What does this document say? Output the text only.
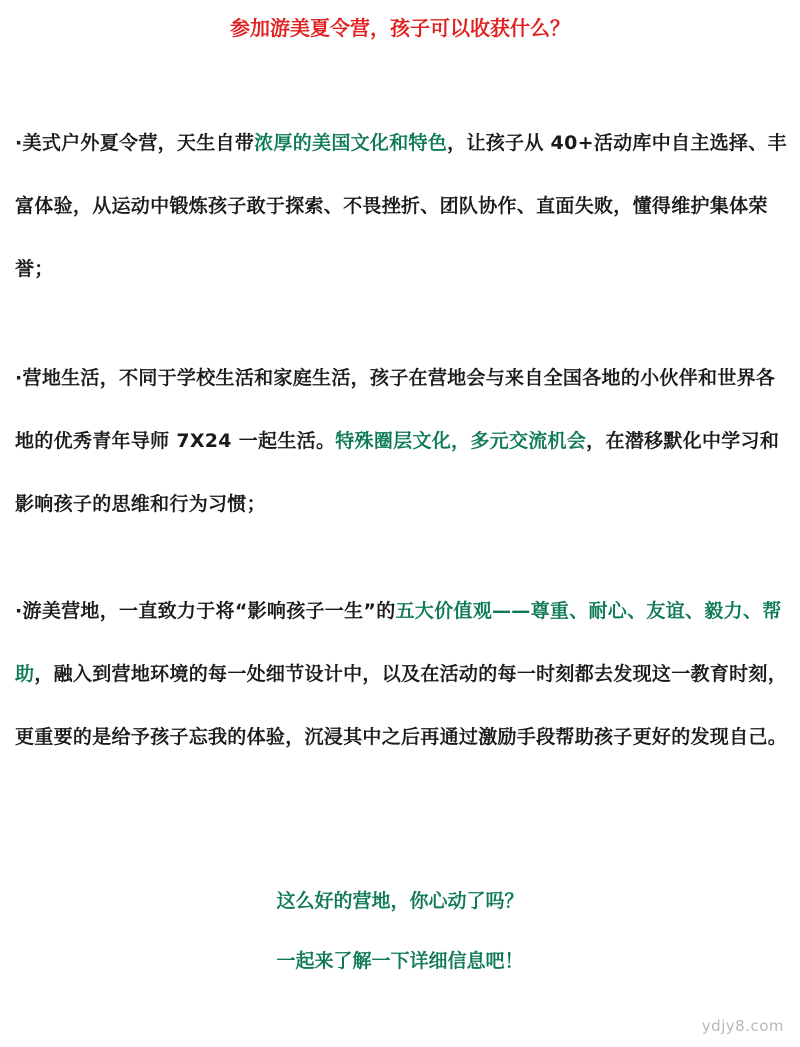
参加游美夏令营，孩子可以收获什么？
·美式户外夏令营，天生自带浓厚的美国文化和特色，让孩子从 40+活动库中自主选择、丰富体验，从运动中锻炼孩子敢于探索、不畏挫折、团队协作、直面失败，懂得维护集体荣誉；
·营地生活，不同于学校生活和家庭生活，孩子在营地会与来自全国各地的小伙伴和世界各地的优秀青年导师 7X24 一起生活。特殊圈层文化，多元交流机会，在潜移默化中学习和影响孩子的思维和行为习惯；
·游美营地，一直致力于将“影响孩子一生”的五大价值观——尊重、耐心、友谊、毅力、帮助，融入到营地环境的每一处细节设计中，以及在活动的每一时刻都去发现这一教育时刻，更重要的是给予孩子忘我的体验，沉浸其中之后再通过激励手段帮助孩子更好的发现自己。
这么好的营地，你心动了吗？
一起来了解一下详细信息吧！
ydjy8.com
